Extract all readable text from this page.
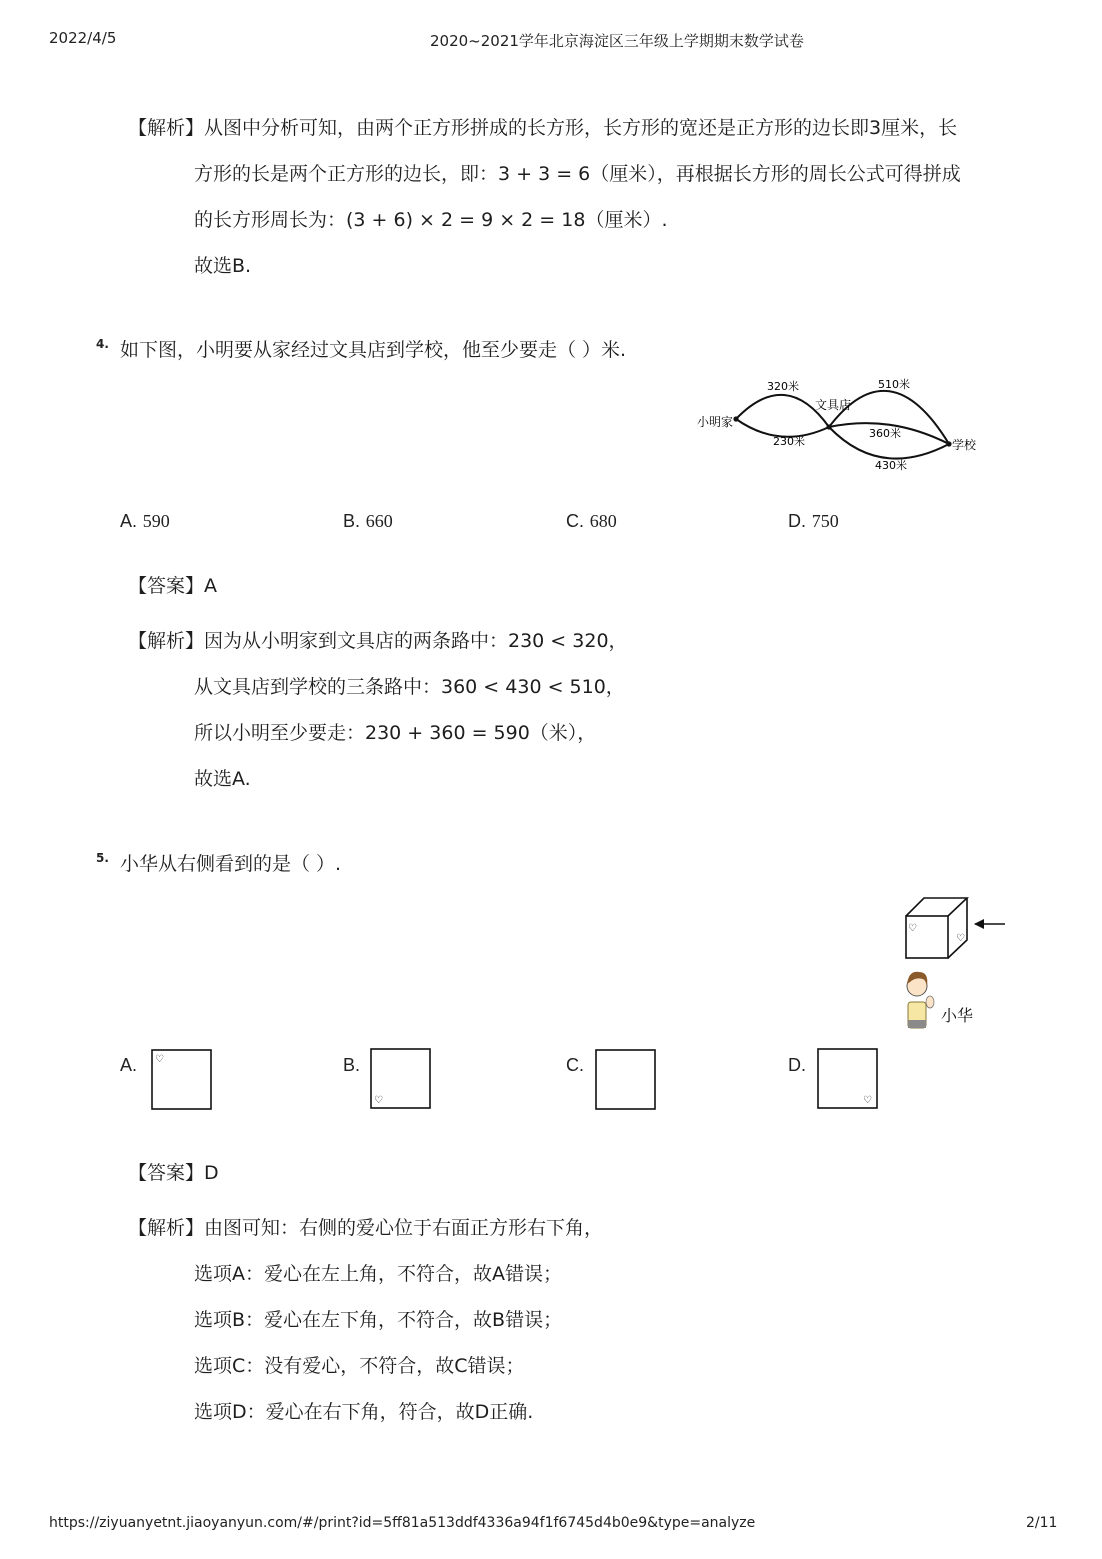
2022/4/5	2020~2021学年北京海淀区三年级上学期期末数学试卷
【解析】从图中分析可知，由两个正方形拼成的长方形，长方形的宽还是正方形的边长即3厘米，长
方形的长是两个正方形的边长，即：3 + 3 = 6（厘米），再根据长方形的周长公式可得拼成
的长方形周长为：(3 + 6) × 2 = 9 × 2 = 18（厘米）.
故选B.
4. 如下图，小明要从家经过文具店到学校，他至少要走（ ）米.
小明家
文具店
学校
320米
230米
510米
360米
430米
A. 590	B. 660	C. 680	D. 750
【答案】A
【解析】因为从小明家到文具店的两条路中：230 < 320，
从文具店到学校的三条路中：360 < 430 < 510，
所以小明至少要走：230 + 360 = 590（米），
故选A.
5. 小华从右侧看到的是（ ）.
♡
♡
小华
A. ♡	B.
♡
C.	D.
♡
【答案】D
【解析】由图可知：右侧的爱心位于右面正方形右下角，
选项A：爱心在左上角，不符合，故A错误；
选项B：爱心在左下角，不符合，故B错误；
选项C：没有爱心，不符合，故C错误；
选项D：爱心在右下角，符合，故D正确.
https://ziyuanyetnt.jiaoyanyun.com/#/print?id=5ff81a513ddf4336a94f1f6745d4b0e9&type=analyze	2/11
